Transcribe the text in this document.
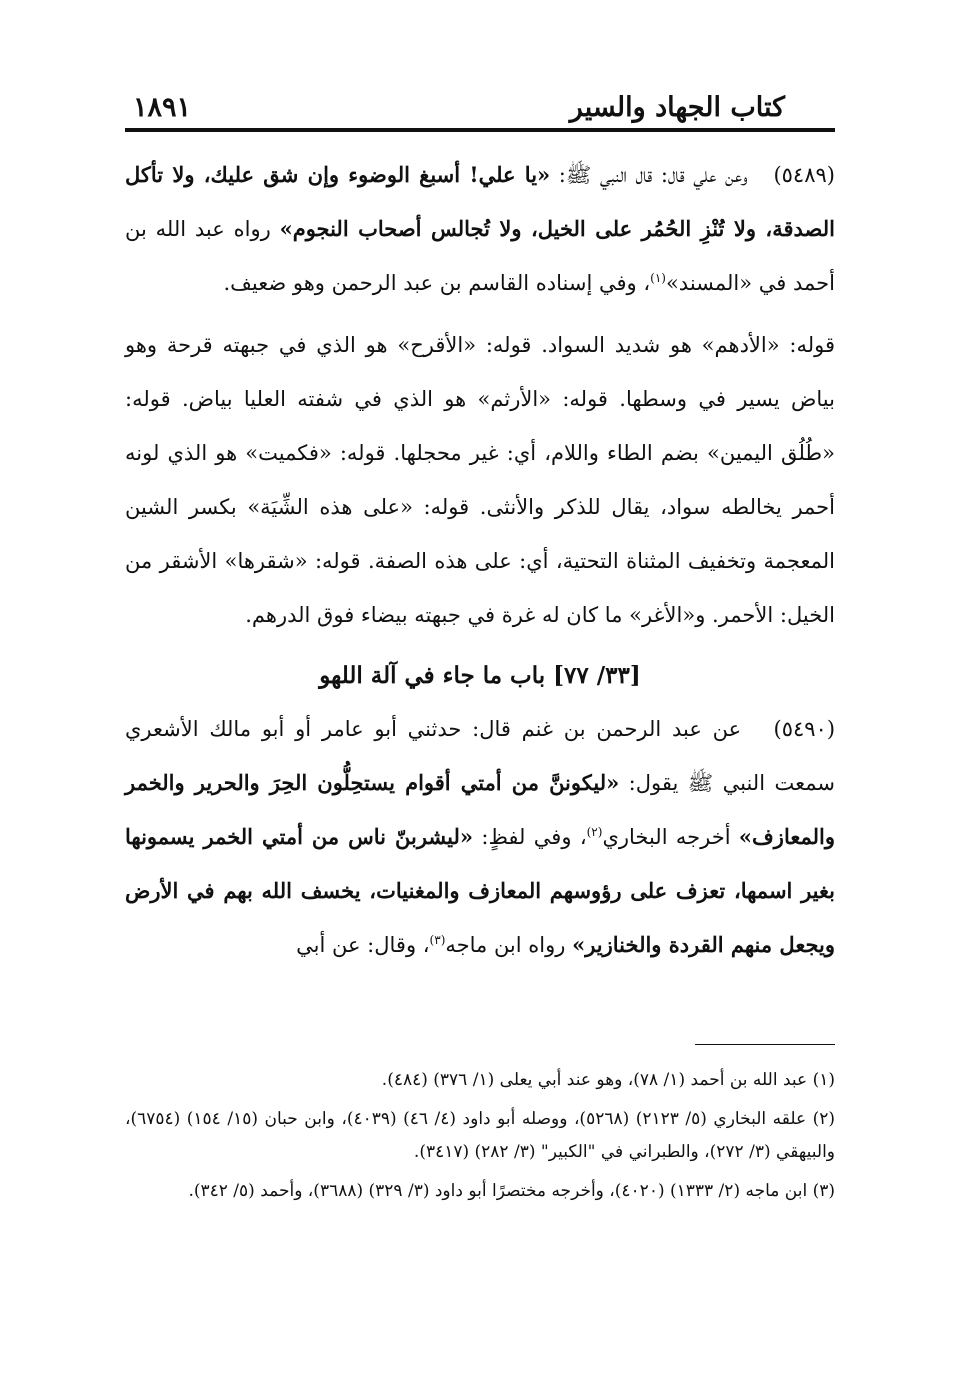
كتاب الجهاد والسير
١٨٩١

(٥٤٨٩)   وعن علي قال: قال النبي ﷺ: «يا علي! أسبغ الوضوء وإن شق عليك، ولا تأكل الصدقة، ولا تُنْزِ الحُمُر على الخيل، ولا تُجالس أصحاب النجوم» رواه عبد الله بن أحمد في «المسند»$^{(١)}$، وفي إسناده القاسم بن عبد الرحمن وهو ضعيف.

قوله: «الأدهم» هو شديد السواد. قوله: «الأقرح» هو الذي في جبهته قرحة وهو بياض يسير في وسطها. قوله: «الأرثم» هو الذي في شفته العليا بياض. قوله: «طُلُق اليمين» بضم الطاء واللام، أي: غير محجلها. قوله: «فكميت» هو الذي لونه أحمر يخالطه سواد، يقال للذكر والأنثى. قوله: «على هذه الشِّيَة» بكسر الشين المعجمة وتخفيف المثناة التحتية، أي: على هذه الصفة. قوله: «شقرها» الأشقر من الخيل: الأحمر. و«الأغر» ما كان له غرة في جبهته بيضاء فوق الدرهم.

[٣٣/ ٧٧] باب ما جاء في آلة اللهو

(٥٤٩٠)   عن عبد الرحمن بن غنم قال: حدثني أبو عامر أو أبو مالك الأشعري سمعت النبي ﷺ يقول: «ليكوننَّ من أمتي أقوام يستحِلُّون الحِرَ والحرير والخمر والمعازف» أخرجه البخاري$^{(٢)}$، وفي لفظٍ: «ليشربنّ ناس من أمتي الخمر يسمونها بغير اسمها، تعزف على رؤوسهم المعازف والمغنيات، يخسف الله بهم في الأرض ويجعل منهم القردة والخنازير» رواه ابن ماجه$^{(٣)}$، وقال: عن أبي

(١) عبد الله بن أحمد (١/ ٧٨)، وهو عند أبي يعلى (١/ ٣٧٦) (٤٨٤).

(٢) علقه البخاري (٥/ ٢١٢٣) (٥٢٦٨)، ووصله أبو داود (٤/ ٤٦) (٤٠٣٩)، وابن حبان (١٥/ ١٥٤) (٦٧٥٤)، والبيهقي (٣/ ٢٧٢)، والطبراني في "الكبير" (٣/ ٢٨٢) (٣٤١٧).

(٣) ابن ماجه (٢/ ١٣٣٣) (٤٠٢٠)، وأخرجه مختصرًا أبو داود (٣/ ٣٢٩) (٣٦٨٨)، وأحمد (٥/ ٣٤٢).
